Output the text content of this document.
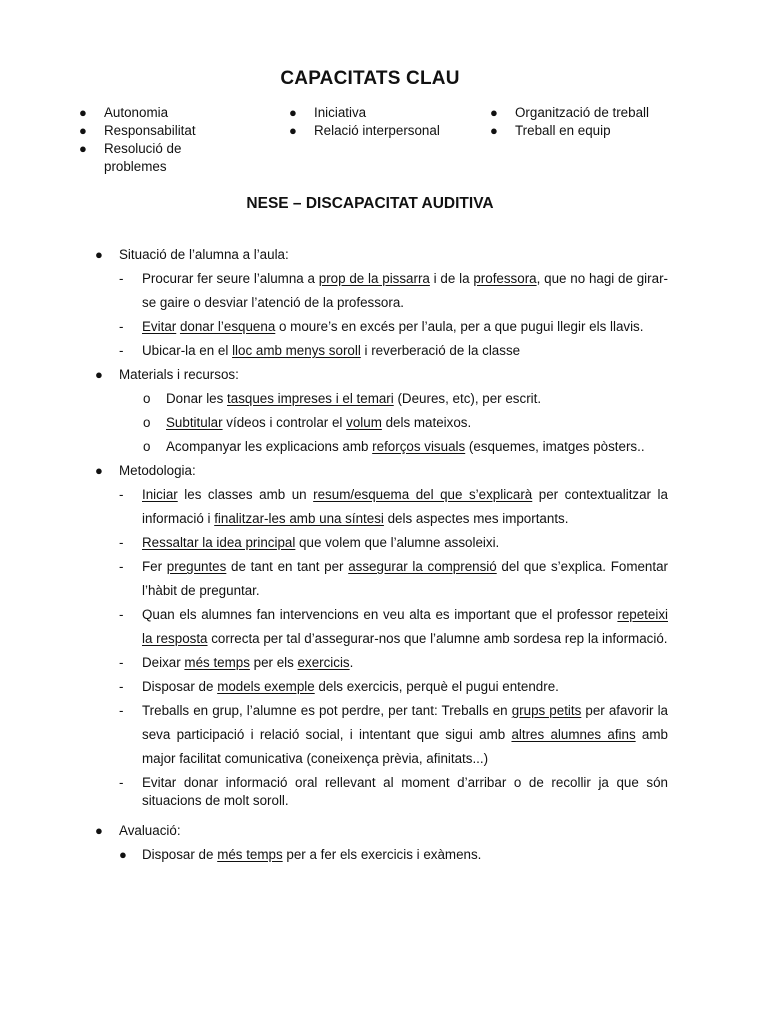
CAPACITATS CLAU
● Autonomia
● Responsabilitat
● Resolució de problemes
● Iniciativa
● Relació interpersonal
● Organització de treball
● Treball en equip
NESE – DISCAPACITAT AUDITIVA
● Situació de l’alumna a l’aula:
- Procurar fer seure l’alumna a prop de la pissarra i de la professora, que no hagi de girar-se gaire o desviar l’atenció de la professora.
- Evitar donar l’esquena o moure’s en excés per l’aula, per a que pugui llegir els llavis.
- Ubicar-la en el lloc amb menys soroll i reverberació de la classe
● Materials i recursos:
o Donar les tasques impreses i el temari (Deures, etc), per escrit.
o Subtitular vídeos i controlar el volum dels mateixos.
o Acompanyar les explicacions amb reforços visuals (esquemes, imatges pòsters..
● Metodologia:
- Iniciar les classes amb un resum/esquema del que s’explicarà per contextualitzar la informació i finalitzar-les amb una síntesi dels aspectes mes importants.
- Ressaltar la idea principal que volem que l’alumne assoleixi.
- Fer preguntes de tant en tant per assegurar la comprensió del que s’explica. Fomentar l’hàbit de preguntar.
- Quan els alumnes fan intervencions en veu alta es important que el professor repeteixi la resposta correcta per tal d’assegurar-nos que l’alumne amb sordesa rep la informació.
- Deixar més temps per els exercicis.
- Disposar de models exemple dels exercicis, perquè el pugui entendre.
- Treballs en grup, l’alumne es pot perdre, per tant: Treballs en grups petits per afavorir la seva participació i relació social, i intentant que sigui amb altres alumnes afins amb major facilitat comunicativa (coneixença prèvia, afinitats...)
- Evitar donar informació oral rellevant al moment d’arribar o de recollir ja que són situacions de molt soroll.
● Avaluació:
● Disposar de més temps per a fer els exercicis i exàmens.
